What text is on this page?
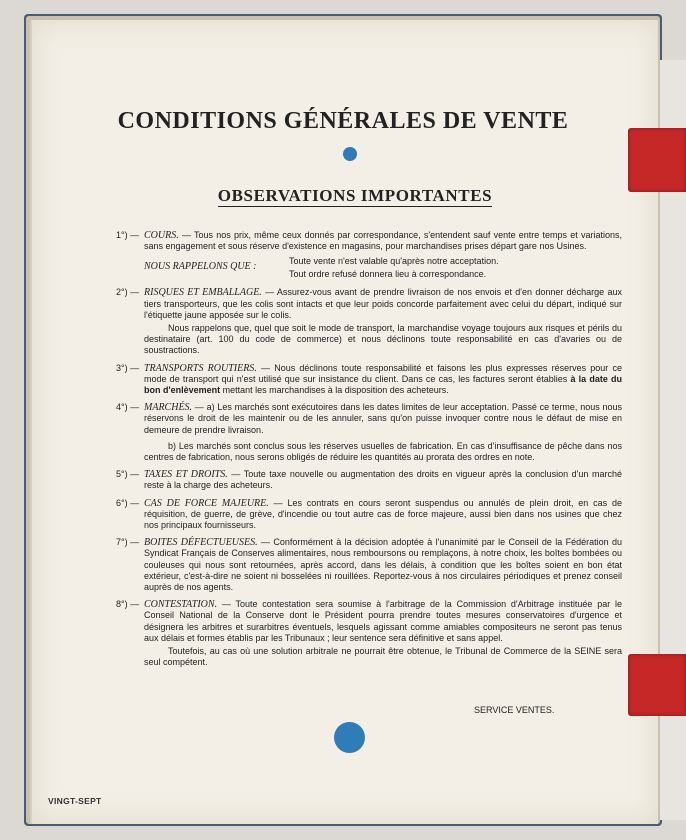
CONDITIONS GÉNÉRALES DE VENTE
OBSERVATIONS IMPORTANTES
1°) — COURS. — Tous nos prix, même ceux donnés par correspondance, s'entendent sauf vente entre temps et variations, sans engagement et sous réserve d'existence en magasins, pour marchandises prises départ gare nos Usines.
NOUS RAPPELONS QUE :	Toute vente n'est valable qu'après notre acceptation.
Tout ordre refusé donnera lieu à correspondance.
2°) — RISQUES ET EMBALLAGE. — Assurez-vous avant de prendre livraison de nos envois et d'en donner décharge aux tiers transporteurs, que les colis sont intacts et que leur poids concorde parfaitement avec celui du départ, indiqué sur l'étiquette jaune apposée sur le colis.
Nous rappelons que, quel que soit le mode de transport, la marchandise voyage toujours aux risques et périls du destinataire (art. 100 du code de commerce) et nous déclinons toute responsabilité en cas d'avaries ou de soustractions.
3°) — TRANSPORTS ROUTIERS. — Nous déclinons toute responsabilité et faisons les plus expresses réserves pour ce mode de transport qui n'est utilisé que sur insistance du client. Dans ce cas, les factures seront établies à la date du bon d'enlèvement mettant les marchandises à la disposition des acheteurs.
4°) — MARCHÉS. — a) Les marchés sont exécutoires dans les dates limites de leur acceptation. Passé ce terme, nous nous réservons le droit de les maintenir ou de les annuler, sans qu'on puisse invoquer contre nous le défaut de mise en demeure de prendre livraison.
b) Les marchés sont conclus sous les réserves usuelles de fabrication. En cas d'insuffisance de pêche dans nos centres de fabrication, nous serons obligés de réduire les quantités au prorata des ordres en note.
5°) — TAXES ET DROITS. — Toute taxe nouvelle ou augmentation des droits en vigueur après la conclusion d'un marché reste à la charge des acheteurs.
6°) — CAS DE FORCE MAJEURE. — Les contrats en cours seront suspendus ou annulés de plein droit, en cas de réquisition, de guerre, de grève, d'incendie ou tout autre cas de force majeure, aussi bien dans nos usines que chez nos principaux fournisseurs.
7°) — BOITES DÉFECTUEUSES. — Conformément à la décision adoptée à l'unanimité par le Conseil de la Fédération du Syndicat Français de Conserves alimentaires, nous remboursons ou remplaçons, à notre choix, les boîtes bombées ou couleuses qui nous sont retournées, après accord, dans les délais, à condition que les boîtes soient en bon état extérieur, c'est-à-dire ne soient ni bosselées ni rouillées. Reportez-vous à nos circulaires périodiques et prenez conseil auprès de nos agents.
8°) — CONTESTATION. — Toute contestation sera soumise à l'arbitrage de la Commission d'Arbitrage instituée par le Conseil National de la Conserve dont le Président pourra prendre toutes mesures conservatoires d'urgence et désignera les arbitres et surarbitres éventuels, lesquels agissant comme amiables compositeurs ne seront pas tenus aux délais et formes établis par les Tribunaux ; leur sentence sera définitive et sans appel.
Toutefois, au cas où une solution arbitrale ne pourrait être obtenue, le Tribunal de Commerce de la SEINE sera seul compétent.
SERVICE VENTES.
VINGT-SEPT
